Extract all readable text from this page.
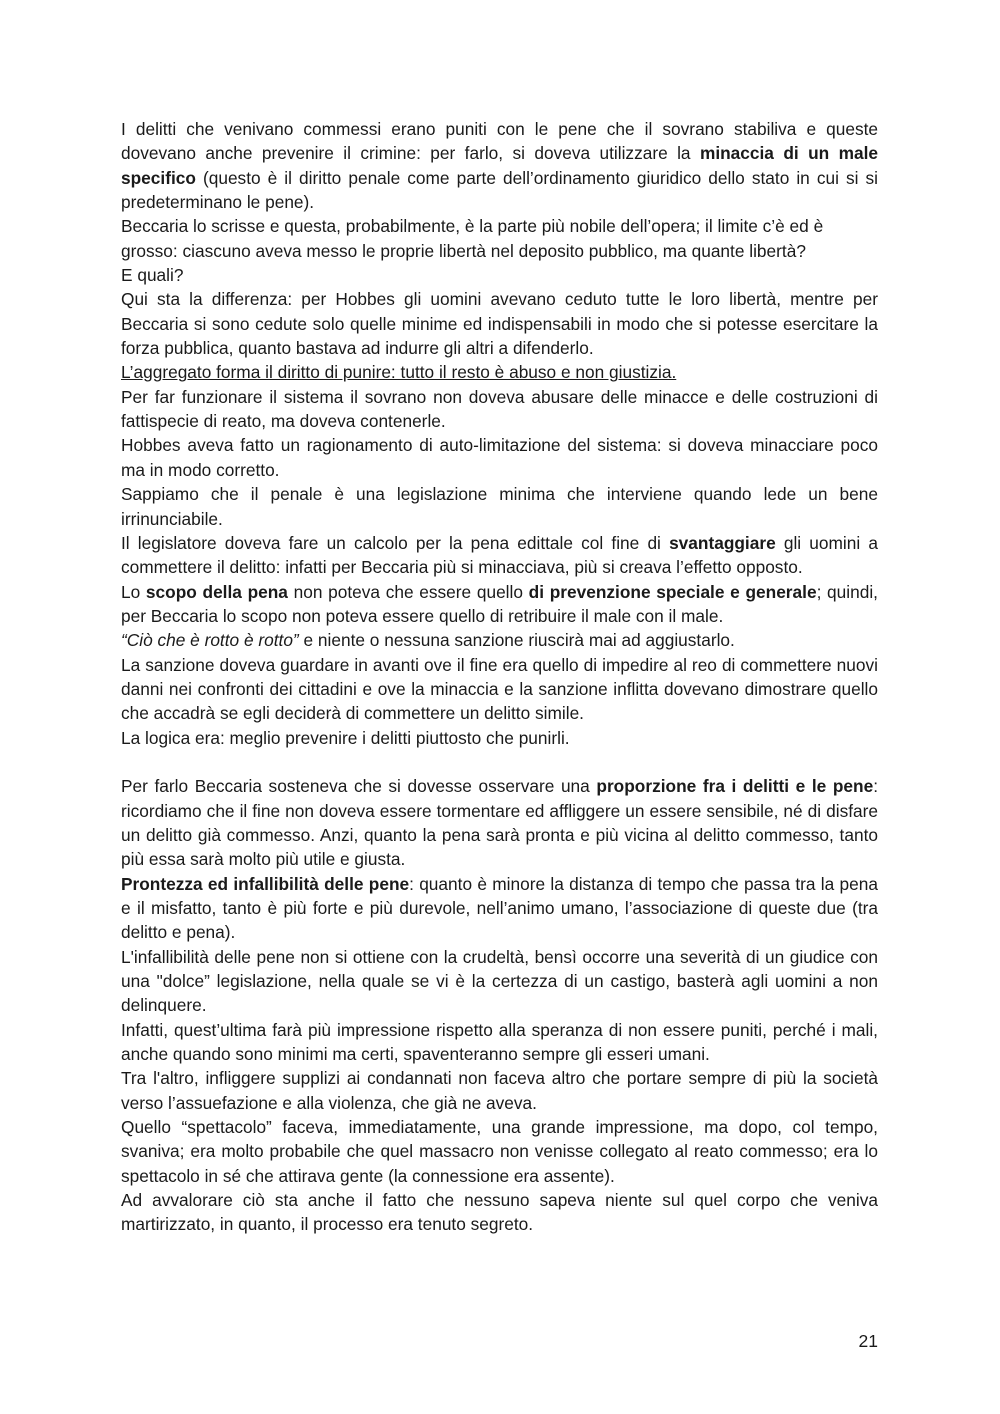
I delitti che venivano commessi erano puniti con le pene che il sovrano stabiliva e queste dovevano anche prevenire il crimine: per farlo, si doveva utilizzare la minaccia di un male specifico (questo è il diritto penale come parte dell’ordinamento giuridico dello stato in cui si si predeterminano le pene).

Beccaria lo scrisse e questa, probabilmente, è la parte più nobile dell’opera; il limite c’è ed è grosso: ciascuno aveva messo le proprie libertà nel deposito pubblico, ma quante libertà?

E quali?

Qui sta la differenza: per Hobbes gli uomini avevano ceduto tutte le loro libertà, mentre per Beccaria si sono cedute solo quelle minime ed indispensabili in modo che si potesse esercitare la forza pubblica, quanto bastava ad indurre gli altri a difenderlo.

L’aggregato forma il diritto di punire: tutto il resto è abuso e non giustizia.

Per far funzionare il sistema il sovrano non doveva abusare delle minacce e delle costruzioni di fattispecie di reato, ma doveva contenerle.

Hobbes aveva fatto un ragionamento di auto-limitazione del sistema: si doveva minacciare poco ma in modo corretto.

Sappiamo che il penale è una legislazione minima che interviene quando lede un bene irrinunciabile.

Il legislatore doveva fare un calcolo per la pena edittale col fine di svantaggiare gli uomini a commettere il delitto: infatti per Beccaria più si minacciava, più si creava l’effetto opposto.

Lo scopo della pena non poteva che essere quello di prevenzione speciale e generale; quindi, per Beccaria lo scopo non poteva essere quello di retribuire il male con il male.

“Ciò che è rotto è rotto” e niente o nessuna sanzione riuscirà mai ad aggiustarlo.

La sanzione doveva guardare in avanti ove il fine era quello di impedire al reo di commettere nuovi danni nei confronti dei cittadini e ove la minaccia e la sanzione inflitta dovevano dimostrare quello che accadrà se egli deciderà di commettere un delitto simile.

La logica era: meglio prevenire i delitti piuttosto che punirli.

Per farlo Beccaria sosteneva che si dovesse osservare una proporzione fra i delitti e le pene: ricordiamo che il fine non doveva essere tormentare ed affliggere un essere sensibile, né di disfare un delitto già commesso. Anzi, quanto la pena sarà pronta e più vicina al delitto commesso, tanto più essa sarà molto più utile e giusta.

Prontezza ed infallibilità delle pene: quanto è minore la distanza di tempo che passa tra la pena e il misfatto, tanto è più forte e più durevole, nell’animo umano, l’associazione di queste due (tra delitto e pena).

L'infallibilità delle pene non si ottiene con la crudeltà, bensì occorre una severità di un giudice con una "dolce” legislazione, nella quale se vi è la certezza di un castigo, basterà agli uomini a non delinquere.

Infatti, quest’ultima farà più impressione rispetto alla speranza di non essere puniti, perché i mali, anche quando sono minimi ma certi, spaventeranno sempre gli esseri umani.

Tra l'altro, infliggere supplizi ai condannati non faceva altro che portare sempre di più la società verso l’assuefazione e alla violenza, che già ne aveva.

Quello “spettacolo” faceva, immediatamente, una grande impressione, ma dopo, col tempo, svaniva; era molto probabile che quel massacro non venisse collegato al reato commesso; era lo spettacolo in sé che attirava gente (la connessione era assente).

Ad avvalorare ciò sta anche il fatto che nessuno sapeva niente sul quel corpo che veniva martirizzato, in quanto, il processo era tenuto segreto.

21
